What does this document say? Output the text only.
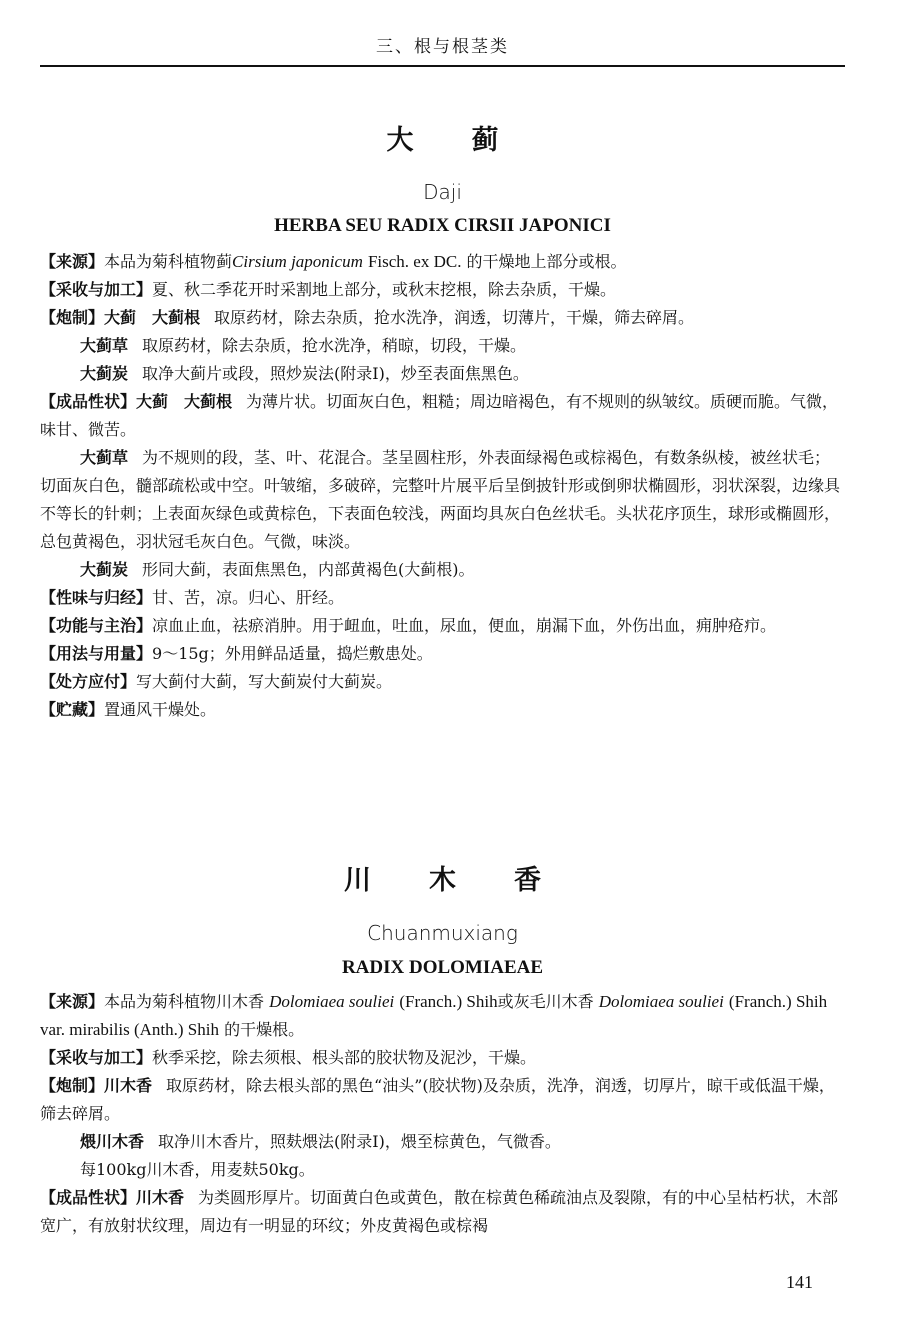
三、根与根茎类
大蓟
Daji
HERBA SEU RADIX CIRSII JAPONICI

【来源】本品为菊科植物蓟Cirsium japonicum Fisch. ex DC. 的干燥地上部分或根。

【采收与加工】夏、秋二季花开时采割地上部分，或秋末挖根，除去杂质，干燥。

【炮制】大蓟　大蓟根 取原药材，除去杂质，抢水洗净，润透，切薄片，干燥，筛去碎屑。

大蓟草 取原药材，除去杂质，抢水洗净，稍晾，切段，干燥。

大蓟炭 取净大蓟片或段，照炒炭法(附录Ⅰ)，炒至表面焦黑色。

【成品性状】大蓟　大蓟根 为薄片状。切面灰白色，粗糙；周边暗褐色，有不规则的纵皱纹。质硬而脆。气微，味甘、微苦。

大蓟草 为不规则的段，茎、叶、花混合。茎呈圆柱形，外表面绿褐色或棕褐色，有数条纵棱，被丝状毛；切面灰白色，髓部疏松或中空。叶皱缩，多破碎，完整叶片展平后呈倒披针形或倒卵状椭圆形，羽状深裂，边缘具不等长的针刺；上表面灰绿色或黄棕色，下表面色较浅，两面均具灰白色丝状毛。头状花序顶生，球形或椭圆形，总包黄褐色，羽状冠毛灰白色。气微，味淡。

大蓟炭 形同大蓟，表面焦黑色，内部黄褐色(大蓟根)。

【性味与归经】甘、苦，凉。归心、肝经。

【功能与主治】凉血止血，祛瘀消肿。用于衄血，吐血，尿血，便血，崩漏下血，外伤出血，痈肿疮疖。

【用法与用量】9～15g；外用鲜品适量，捣烂敷患处。

【处方应付】写大蓟付大蓟，写大蓟炭付大蓟炭。

【贮藏】置通风干燥处。

川木香
Chuanmuxiang
RADIX DOLOMIAEAE

【来源】本品为菊科植物川木香 Dolomiaea souliei (Franch.) Shih或灰毛川木香 Dolomiaea souliei (Franch.) Shih var. mirabilis (Anth.) Shih 的干燥根。

【采收与加工】秋季采挖，除去须根、根头部的胶状物及泥沙，干燥。

【炮制】川木香 取原药材，除去根头部的黑色“油头”(胶状物)及杂质，洗净，润透，切厚片，晾干或低温干燥，筛去碎屑。

煨川木香 取净川木香片，照麸煨法(附录Ⅰ)，煨至棕黄色，气微香。

每100kg川木香，用麦麸50kg。

【成品性状】川木香 为类圆形厚片。切面黄白色或黄色，散在棕黄色稀疏油点及裂隙，有的中心呈枯朽状，木部宽广，有放射状纹理，周边有一明显的环纹；外皮黄褐色或棕褐

141
